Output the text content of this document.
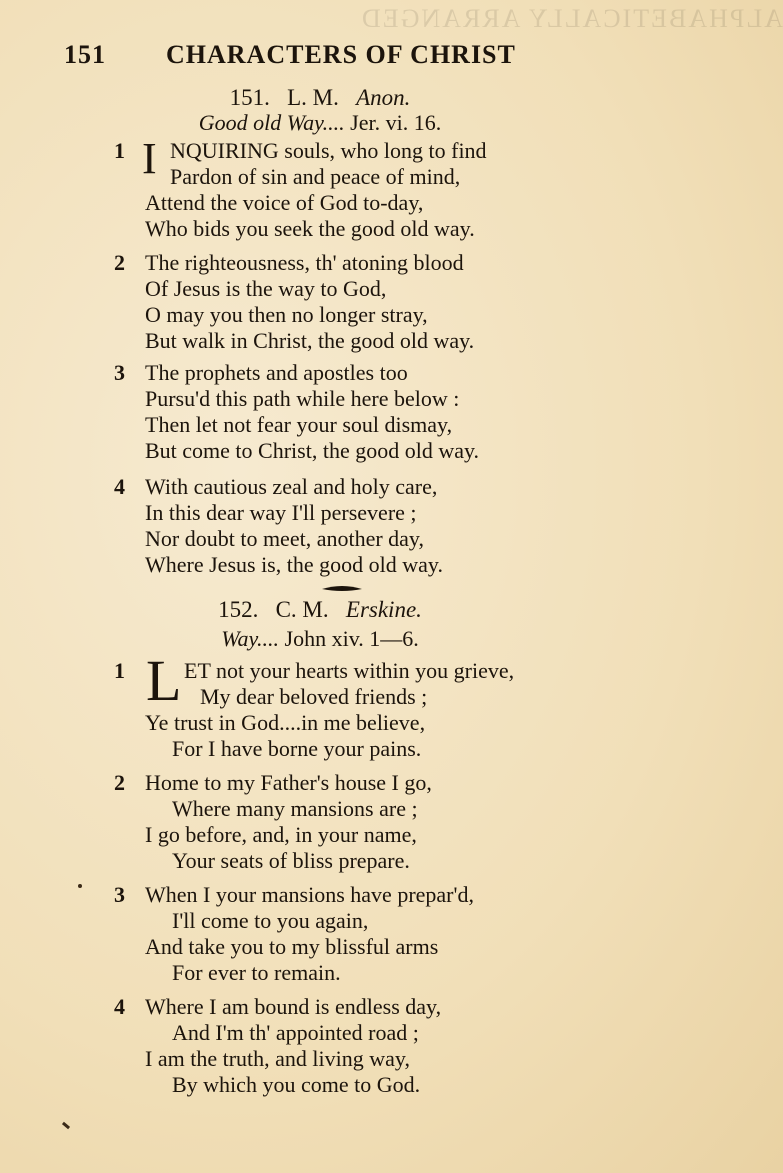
ALPHABETICALLY ARRANGED
151 CHARACTERS OF CHRIST
151. L. M. Anon.
Good old Way.... Jer. vi. 16.
1 I NQUIRING souls, who long to find
Pardon of sin and peace of mind,
Attend the voice of God to-day,
Who bids you seek the good old way.
2 The righteousness, th' atoning blood
Of Jesus is the way to God,
O may you then no longer stray,
But walk in Christ, the good old way.
3 The prophets and apostles too
Pursu'd this path while here below :
Then let not fear your soul dismay,
But come to Christ, the good old way.
4 With cautious zeal and holy care,
In this dear way I'll persevere ;
Nor doubt to meet, another day,
Where Jesus is, the good old way.
152. C. M. Erskine.
Way.... John xiv. 1—6.
1 L ET not your hearts within you grieve,
My dear beloved friends ;
Ye trust in God....in me believe,
For I have borne your pains.
2 Home to my Father's house I go,
Where many mansions are ;
I go before, and, in your name,
Your seats of bliss prepare.
3 When I your mansions have prepar'd,
I'll come to you again,
And take you to my blissful arms
For ever to remain.
4 Where I am bound is endless day,
And I'm th' appointed road ;
I am the truth, and living way,
By which you come to God.
